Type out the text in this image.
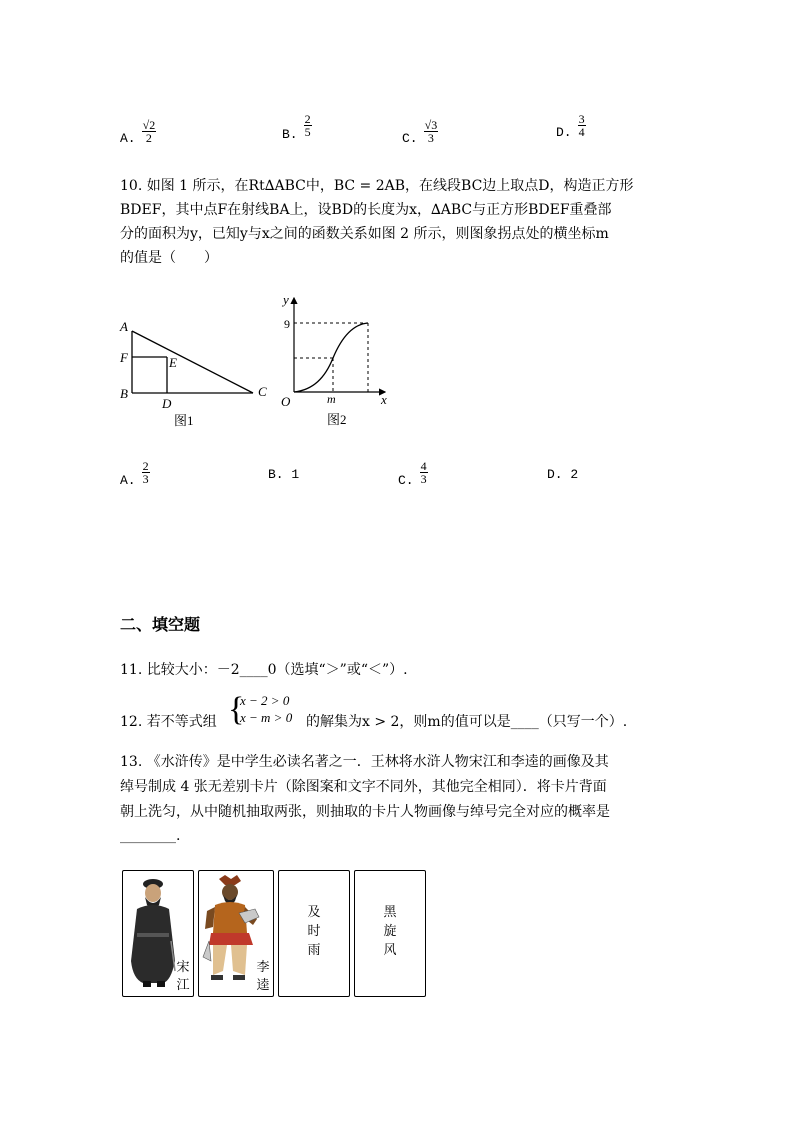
A. $\frac{√2}{2}$	B. $\frac{2}{5}$
C. $\frac{√3}{3}$	D. $\frac{3}{4}$
10. 如图 1 所示，在Rt∆ABC中，BC = 2AB，在线段BC边上取点D，构造正方形
BDEF，其中点F在射线BA上，设BD的长度为x，∆ABC与正方形BDEF重叠部
分的面积为y，已知y与x之间的函数关系如图 2 所示，则图象拐点处的横坐标m
的值是（　　）
A
F	E
B
D
C
图1
y
9
O	m	x
图2
A. $\frac{2}{3}$	B. 1	C. $\frac{4}{3}$	D. 2
二、填空题
11. 比较大小：－2____0（选填“＞”或“＜”）.
12. 若不等式组 {
x − 2 > 0
x − m > 0 的解集为x > 2，则m的值可以是____（只写一个）.
13. 《水浒传》是中学生必读名著之一．王林将水浒人物宋江和李逵的画像及其
绰号制成 4 张无差别卡片（除图案和文字不同外，其他完全相同）．将卡片背面
朝上洗匀，从中随机抽取两张，则抽取的卡片人物画像与绰号完全对应的概率是
________.
宋江
李逵
及时雨
黑旋风
